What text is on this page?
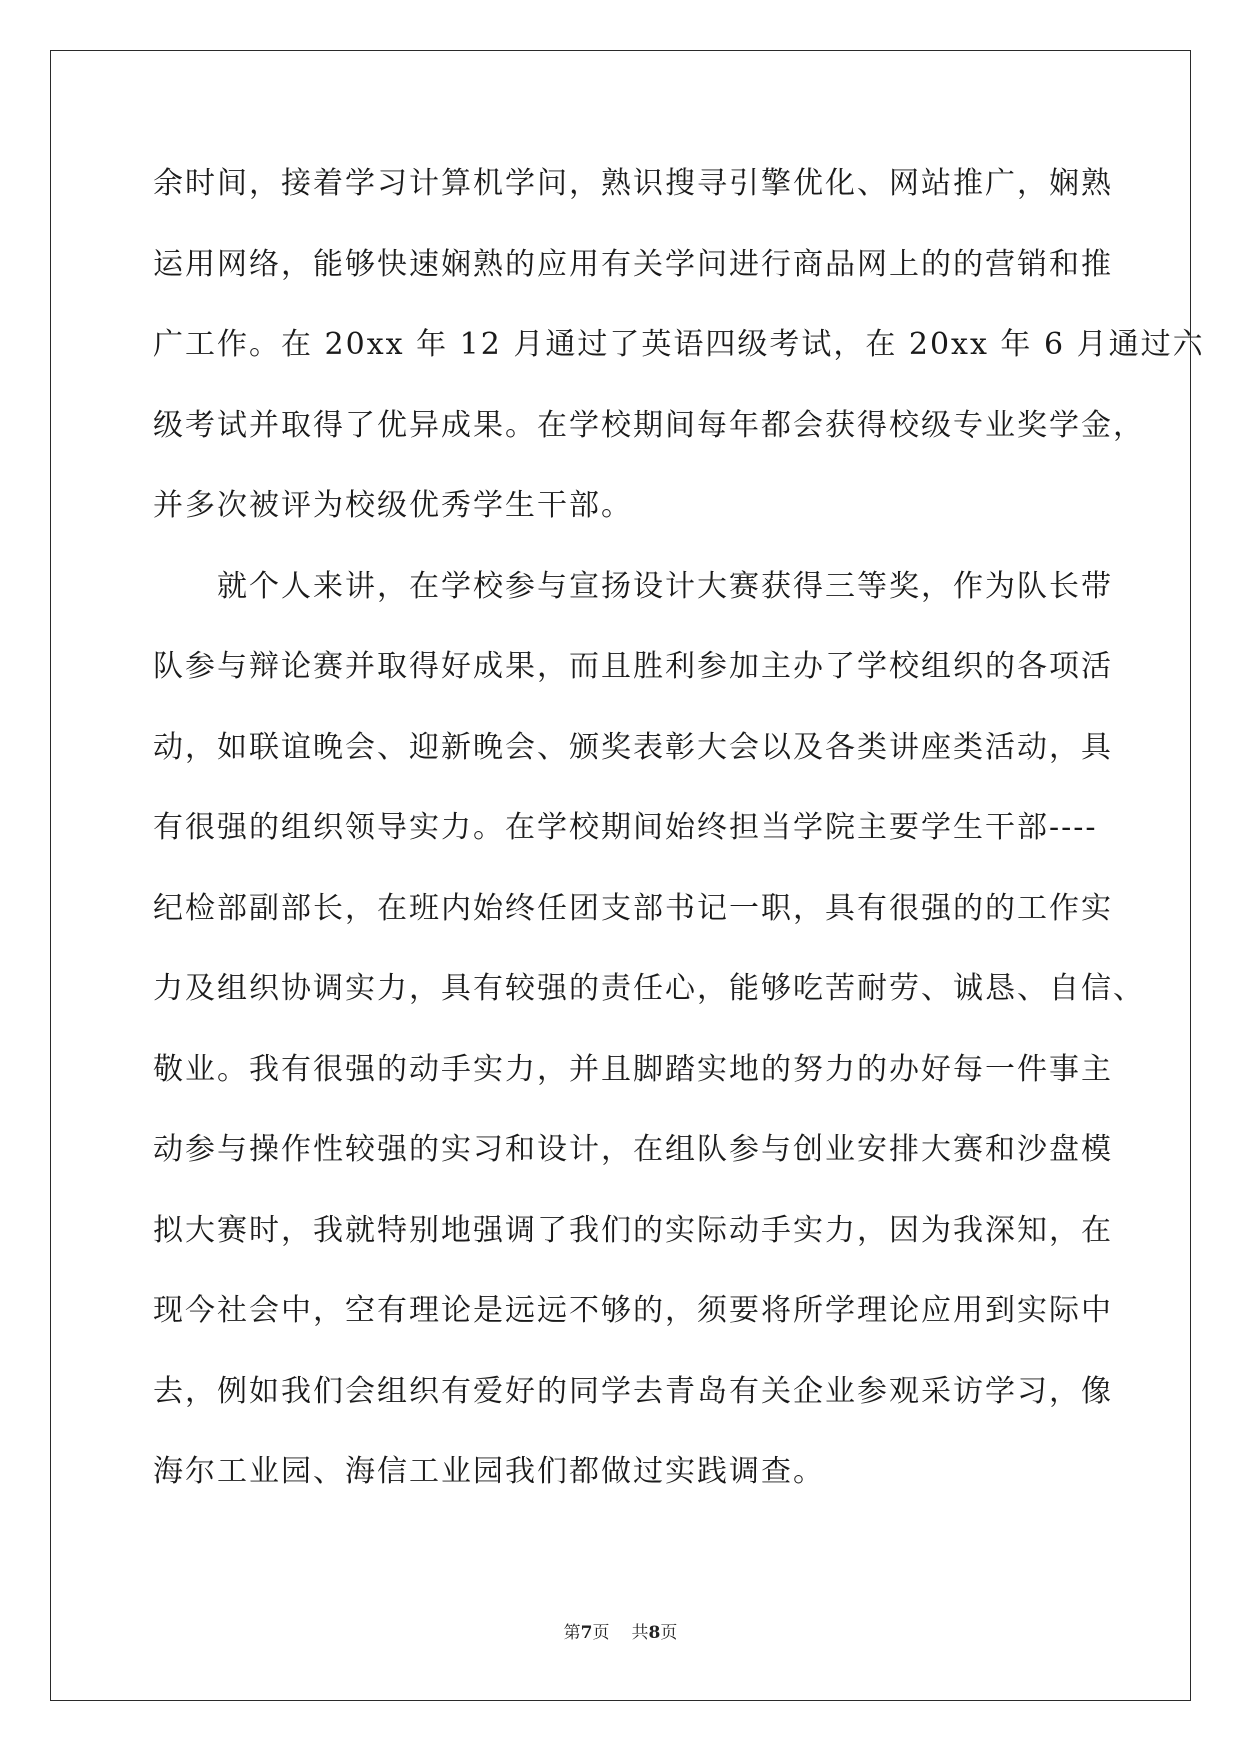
余时间，接着学习计算机学问，熟识搜寻引擎优化、网站推广，娴熟
运用网络，能够快速娴熟的应用有关学问进行商品网上的的营销和推
广工作。在 20xx 年 12 月通过了英语四级考试，在 20xx 年 6 月通过六
级考试并取得了优异成果。在学校期间每年都会获得校级专业奖学金，
并多次被评为校级优秀学生干部。
就个人来讲，在学校参与宣扬设计大赛获得三等奖，作为队长带
队参与辩论赛并取得好成果，而且胜利参加主办了学校组织的各项活
动，如联谊晚会、迎新晚会、颁奖表彰大会以及各类讲座类活动，具
有很强的组织领导实力。在学校期间始终担当学院主要学生干部----
纪检部副部长，在班内始终任团支部书记一职，具有很强的的工作实
力及组织协调实力，具有较强的责任心，能够吃苦耐劳、诚恳、自信、
敬业。我有很强的动手实力，并且脚踏实地的努力的办好每一件事主
动参与操作性较强的实习和设计，在组队参与创业安排大赛和沙盘模
拟大赛时，我就特别地强调了我们的实际动手实力，因为我深知，在
现今社会中，空有理论是远远不够的，须要将所学理论应用到实际中
去，例如我们会组织有爱好的同学去青岛有关企业参观采访学习，像
海尔工业园、海信工业园我们都做过实践调查。
第7页 共8页
